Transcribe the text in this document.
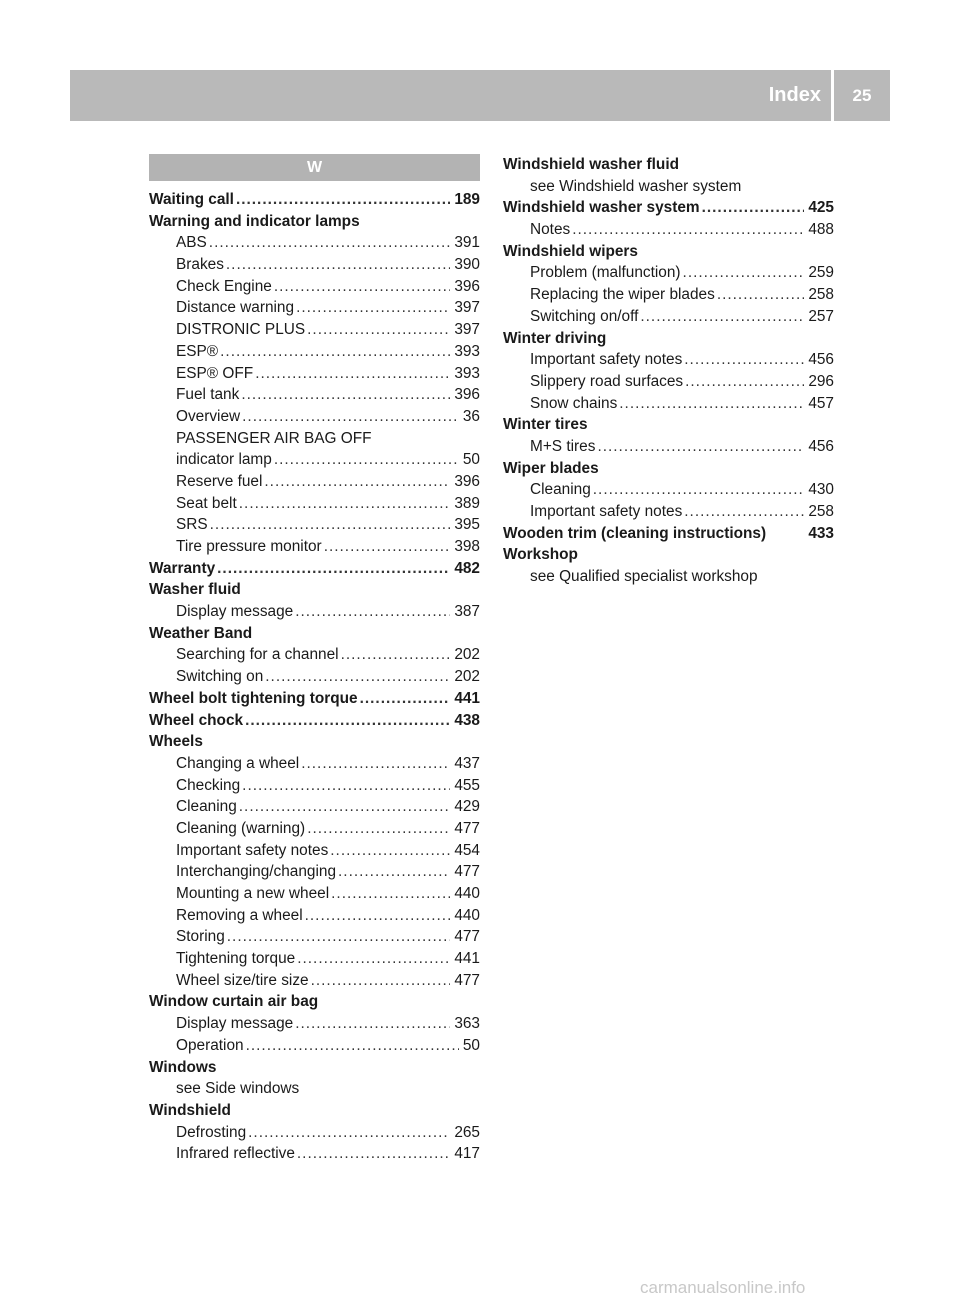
Index	25
W
Waiting call .....	189
Warning and indicator lamps
ABS .....	391
Brakes .....	390
Check Engine .....	396
Distance warning .....	397
DISTRONIC PLUS .....	397
ESP® .....	393
ESP® OFF .....	393
Fuel tank .....	396
Overview .....	36
PASSENGER AIR BAG OFF
indicator lamp .....	50
Reserve fuel .....	396
Seat belt .....	389
SRS .....	395
Tire pressure monitor .....	398
Warranty .....	482
Washer fluid
Display message .....	387
Weather Band
Searching for a channel .....	202
Switching on .....	202
Wheel bolt tightening torque .....	441
Wheel chock .....	438
Wheels
Changing a wheel .....	437
Checking .....	455
Cleaning .....	429
Cleaning (warning) .....	477
Important safety notes .....	454
Interchanging/changing .....	477
Mounting a new wheel .....	440
Removing a wheel .....	440
Storing .....	477
Tightening torque .....	441
Wheel size/tire size .....	477
Window curtain air bag
Display message .....	363
Operation .....	50
Windows
see Side windows
Windshield
Defrosting .....	265
Infrared reflective .....	417
Windshield washer fluid
see Windshield washer system
Windshield washer system .....	425
Notes .....	488
Windshield wipers
Problem (malfunction) .....	259
Replacing the wiper blades .....	258
Switching on/off .....	257
Winter driving
Important safety notes .....	456
Slippery road surfaces .....	296
Snow chains .....	457
Winter tires
M+S tires .....	456
Wiper blades
Cleaning .....	430
Important safety notes .....	258
Wooden trim (cleaning instructions)	433
Workshop
see Qualified specialist workshop
carmanualsonline.info
